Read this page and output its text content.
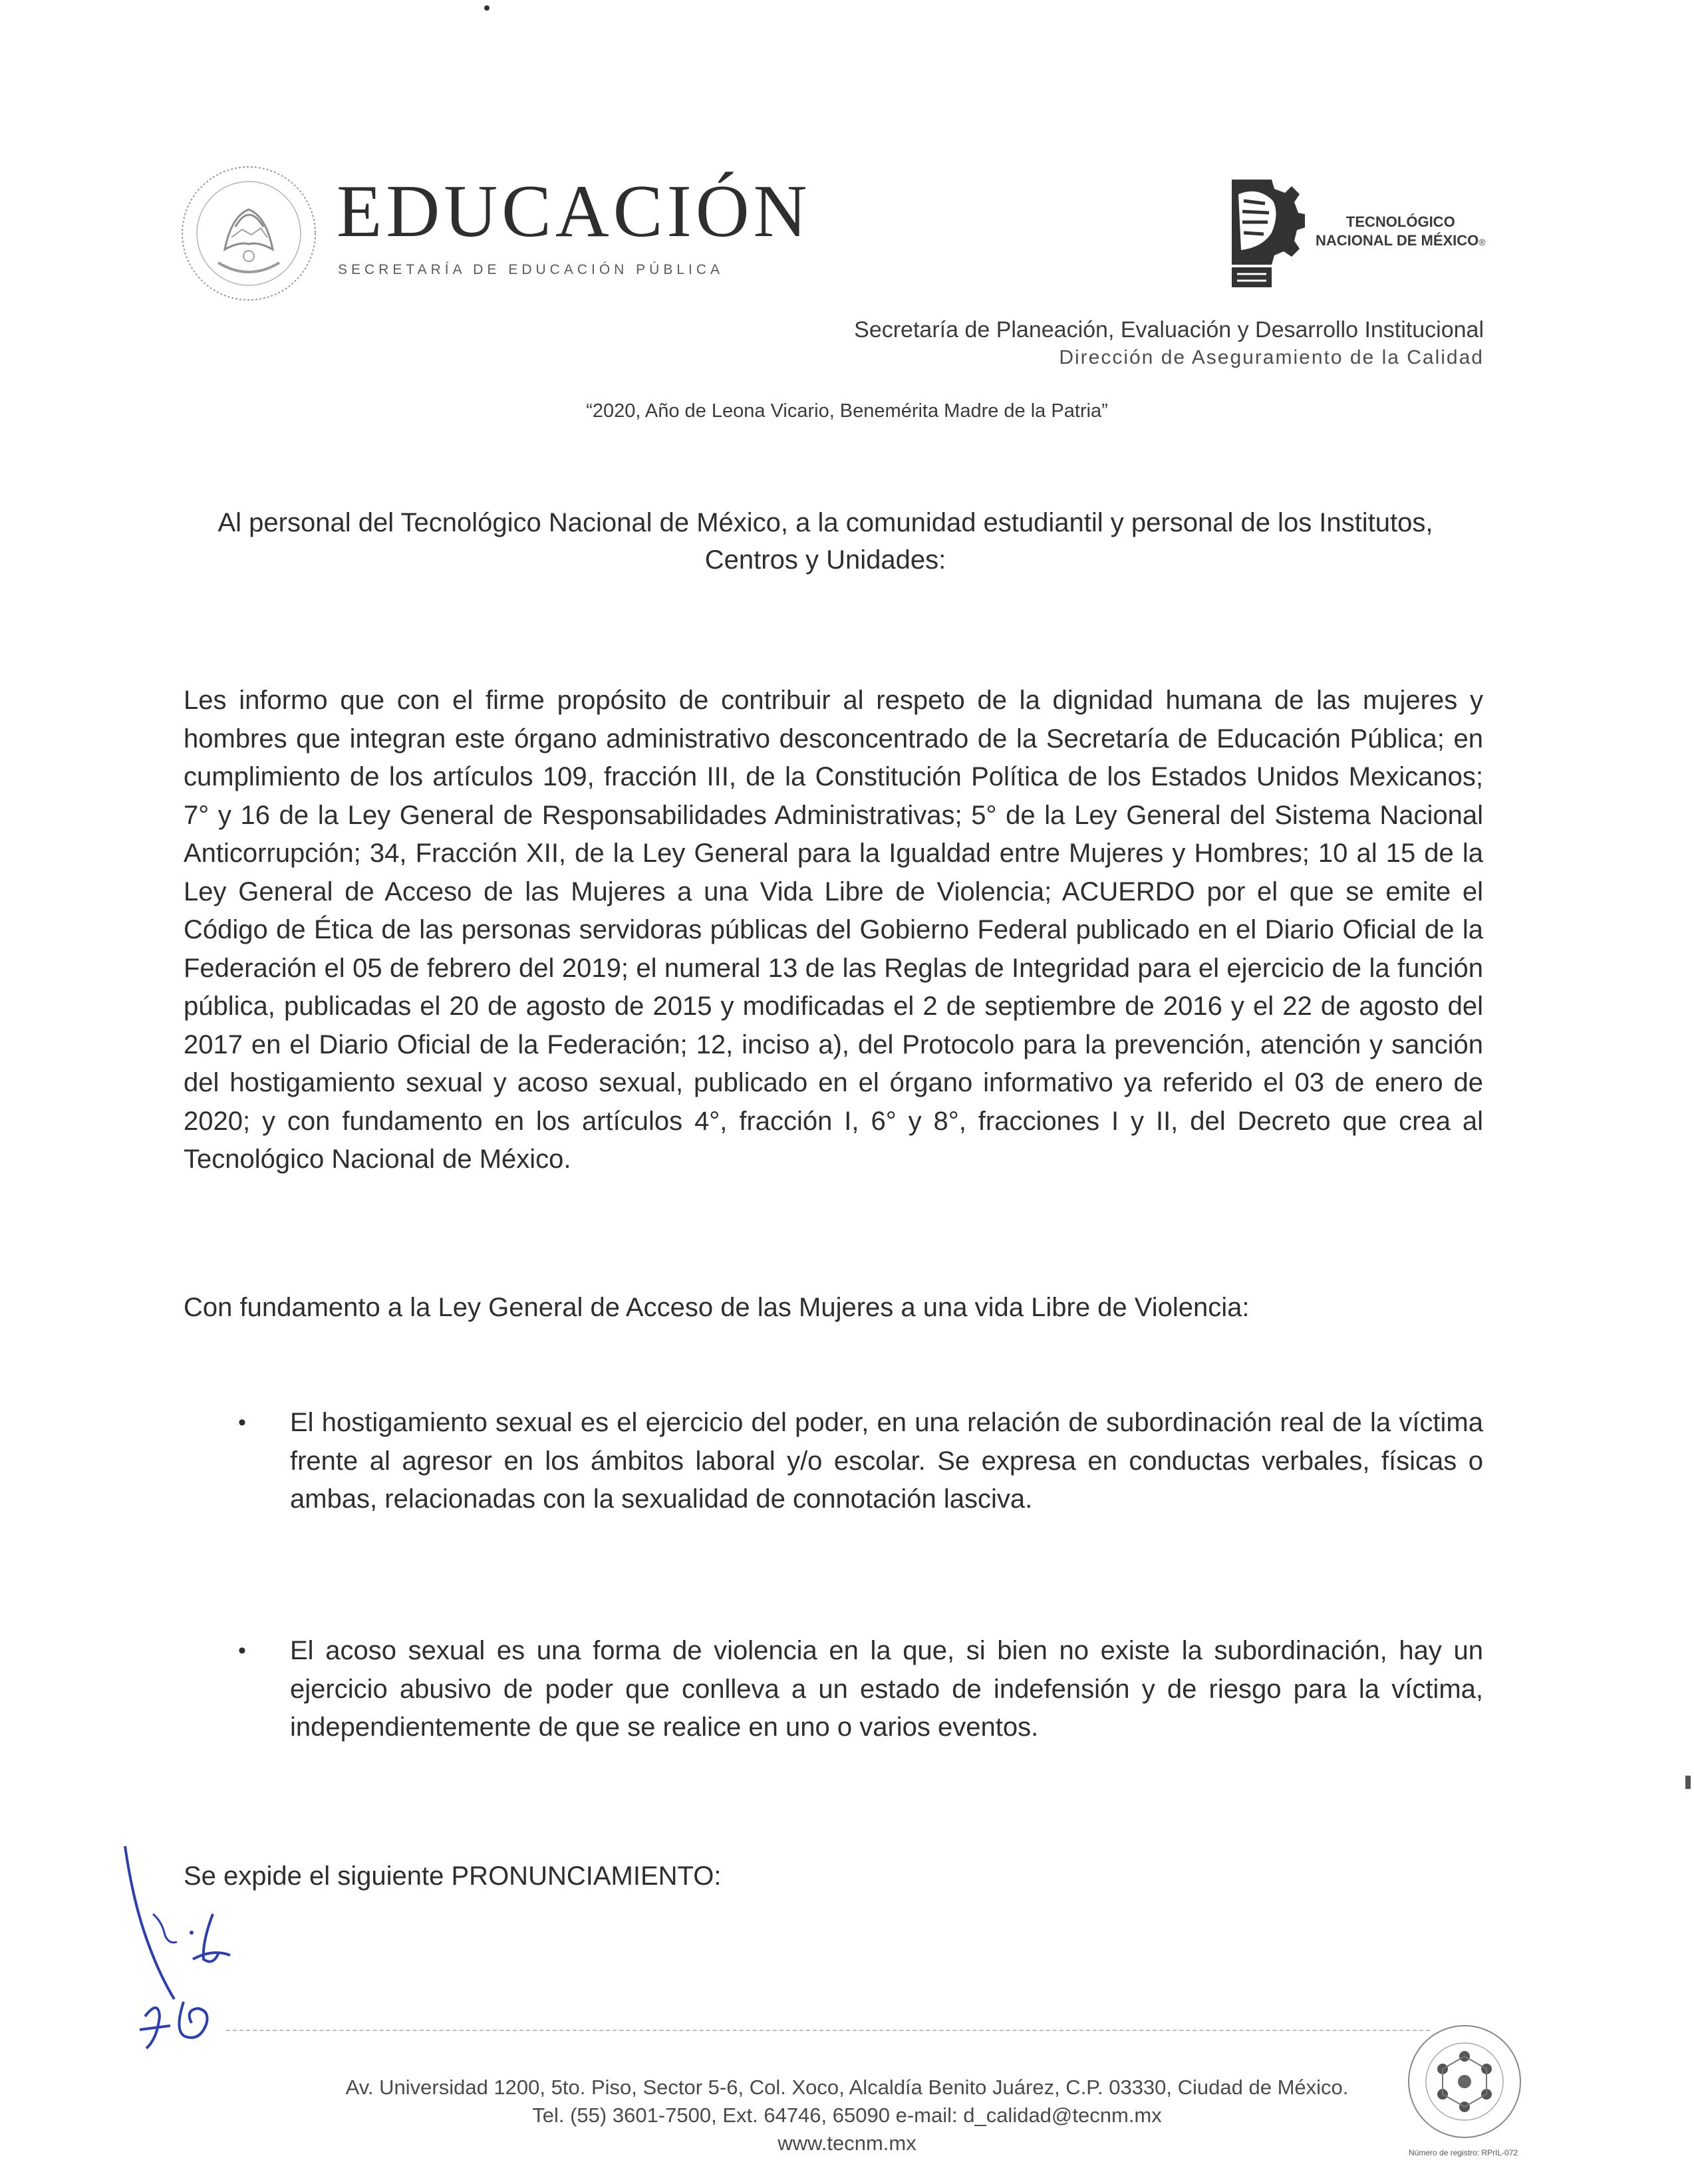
EDUCACIÓN
SECRETARÍA DE EDUCACIÓN PÚBLICA
TECNOLÓGICO
NACIONAL DE MÉXICO®
Secretaría de Planeación, Evaluación y Desarrollo Institucional
Dirección de Aseguramiento de la Calidad
“2020, Año de Leona Vicario, Benemérita Madre de la Patria”
Al personal del Tecnológico Nacional de México, a la comunidad estudiantil y personal de los Institutos, Centros y Unidades:
Les informo que con el firme propósito de contribuir al respeto de la dignidad humana de las mujeres y hombres que integran este órgano administrativo desconcentrado de la Secretaría de Educación Pública; en cumplimiento de los artículos 109, fracción III, de la Constitución Política de los Estados Unidos Mexicanos; 7° y 16 de la Ley General de Responsabilidades Administrativas; 5° de la Ley General del Sistema Nacional Anticorrupción; 34, Fracción XII, de la Ley General para la Igualdad entre Mujeres y Hombres; 10 al 15 de la Ley General de Acceso de las Mujeres a una Vida Libre de Violencia; ACUERDO por el que se emite el Código de Ética de las personas servidoras públicas del Gobierno Federal publicado en el Diario Oficial de la Federación el 05 de febrero del 2019; el numeral 13 de las Reglas de Integridad para el ejercicio de la función pública, publicadas el 20 de agosto de 2015 y modificadas el 2 de septiembre de 2016 y el 22 de agosto del 2017 en el Diario Oficial de la Federación; 12, inciso a), del Protocolo para la prevención, atención y sanción del hostigamiento sexual y acoso sexual, publicado en el órgano informativo ya referido el 03 de enero de 2020; y con fundamento en los artículos 4°, fracción I, 6° y 8°, fracciones I y II, del Decreto que crea al Tecnológico Nacional de México.
Con fundamento a la Ley General de Acceso de las Mujeres a una vida Libre de Violencia:
• El hostigamiento sexual es el ejercicio del poder, en una relación de subordinación real de la víctima frente al agresor en los ámbitos laboral y/o escolar. Se expresa en conductas verbales, físicas o ambas, relacionadas con la sexualidad de connotación lasciva.
• El acoso sexual es una forma de violencia en la que, si bien no existe la subordinación, hay un ejercicio abusivo de poder que conlleva a un estado de indefensión y de riesgo para la víctima, independientemente de que se realice en uno o varios eventos.
Se expide el siguiente PRONUNCIAMIENTO:
Av. Universidad 1200, 5to. Piso, Sector 5-6, Col. Xoco, Alcaldía Benito Juárez, C.P. 03330, Ciudad de México.
Tel. (55) 3601-7500, Ext. 64746, 65090 e-mail: d_calidad@tecnm.mx
www.tecnm.mx	Número de registro: RPrIL-072
